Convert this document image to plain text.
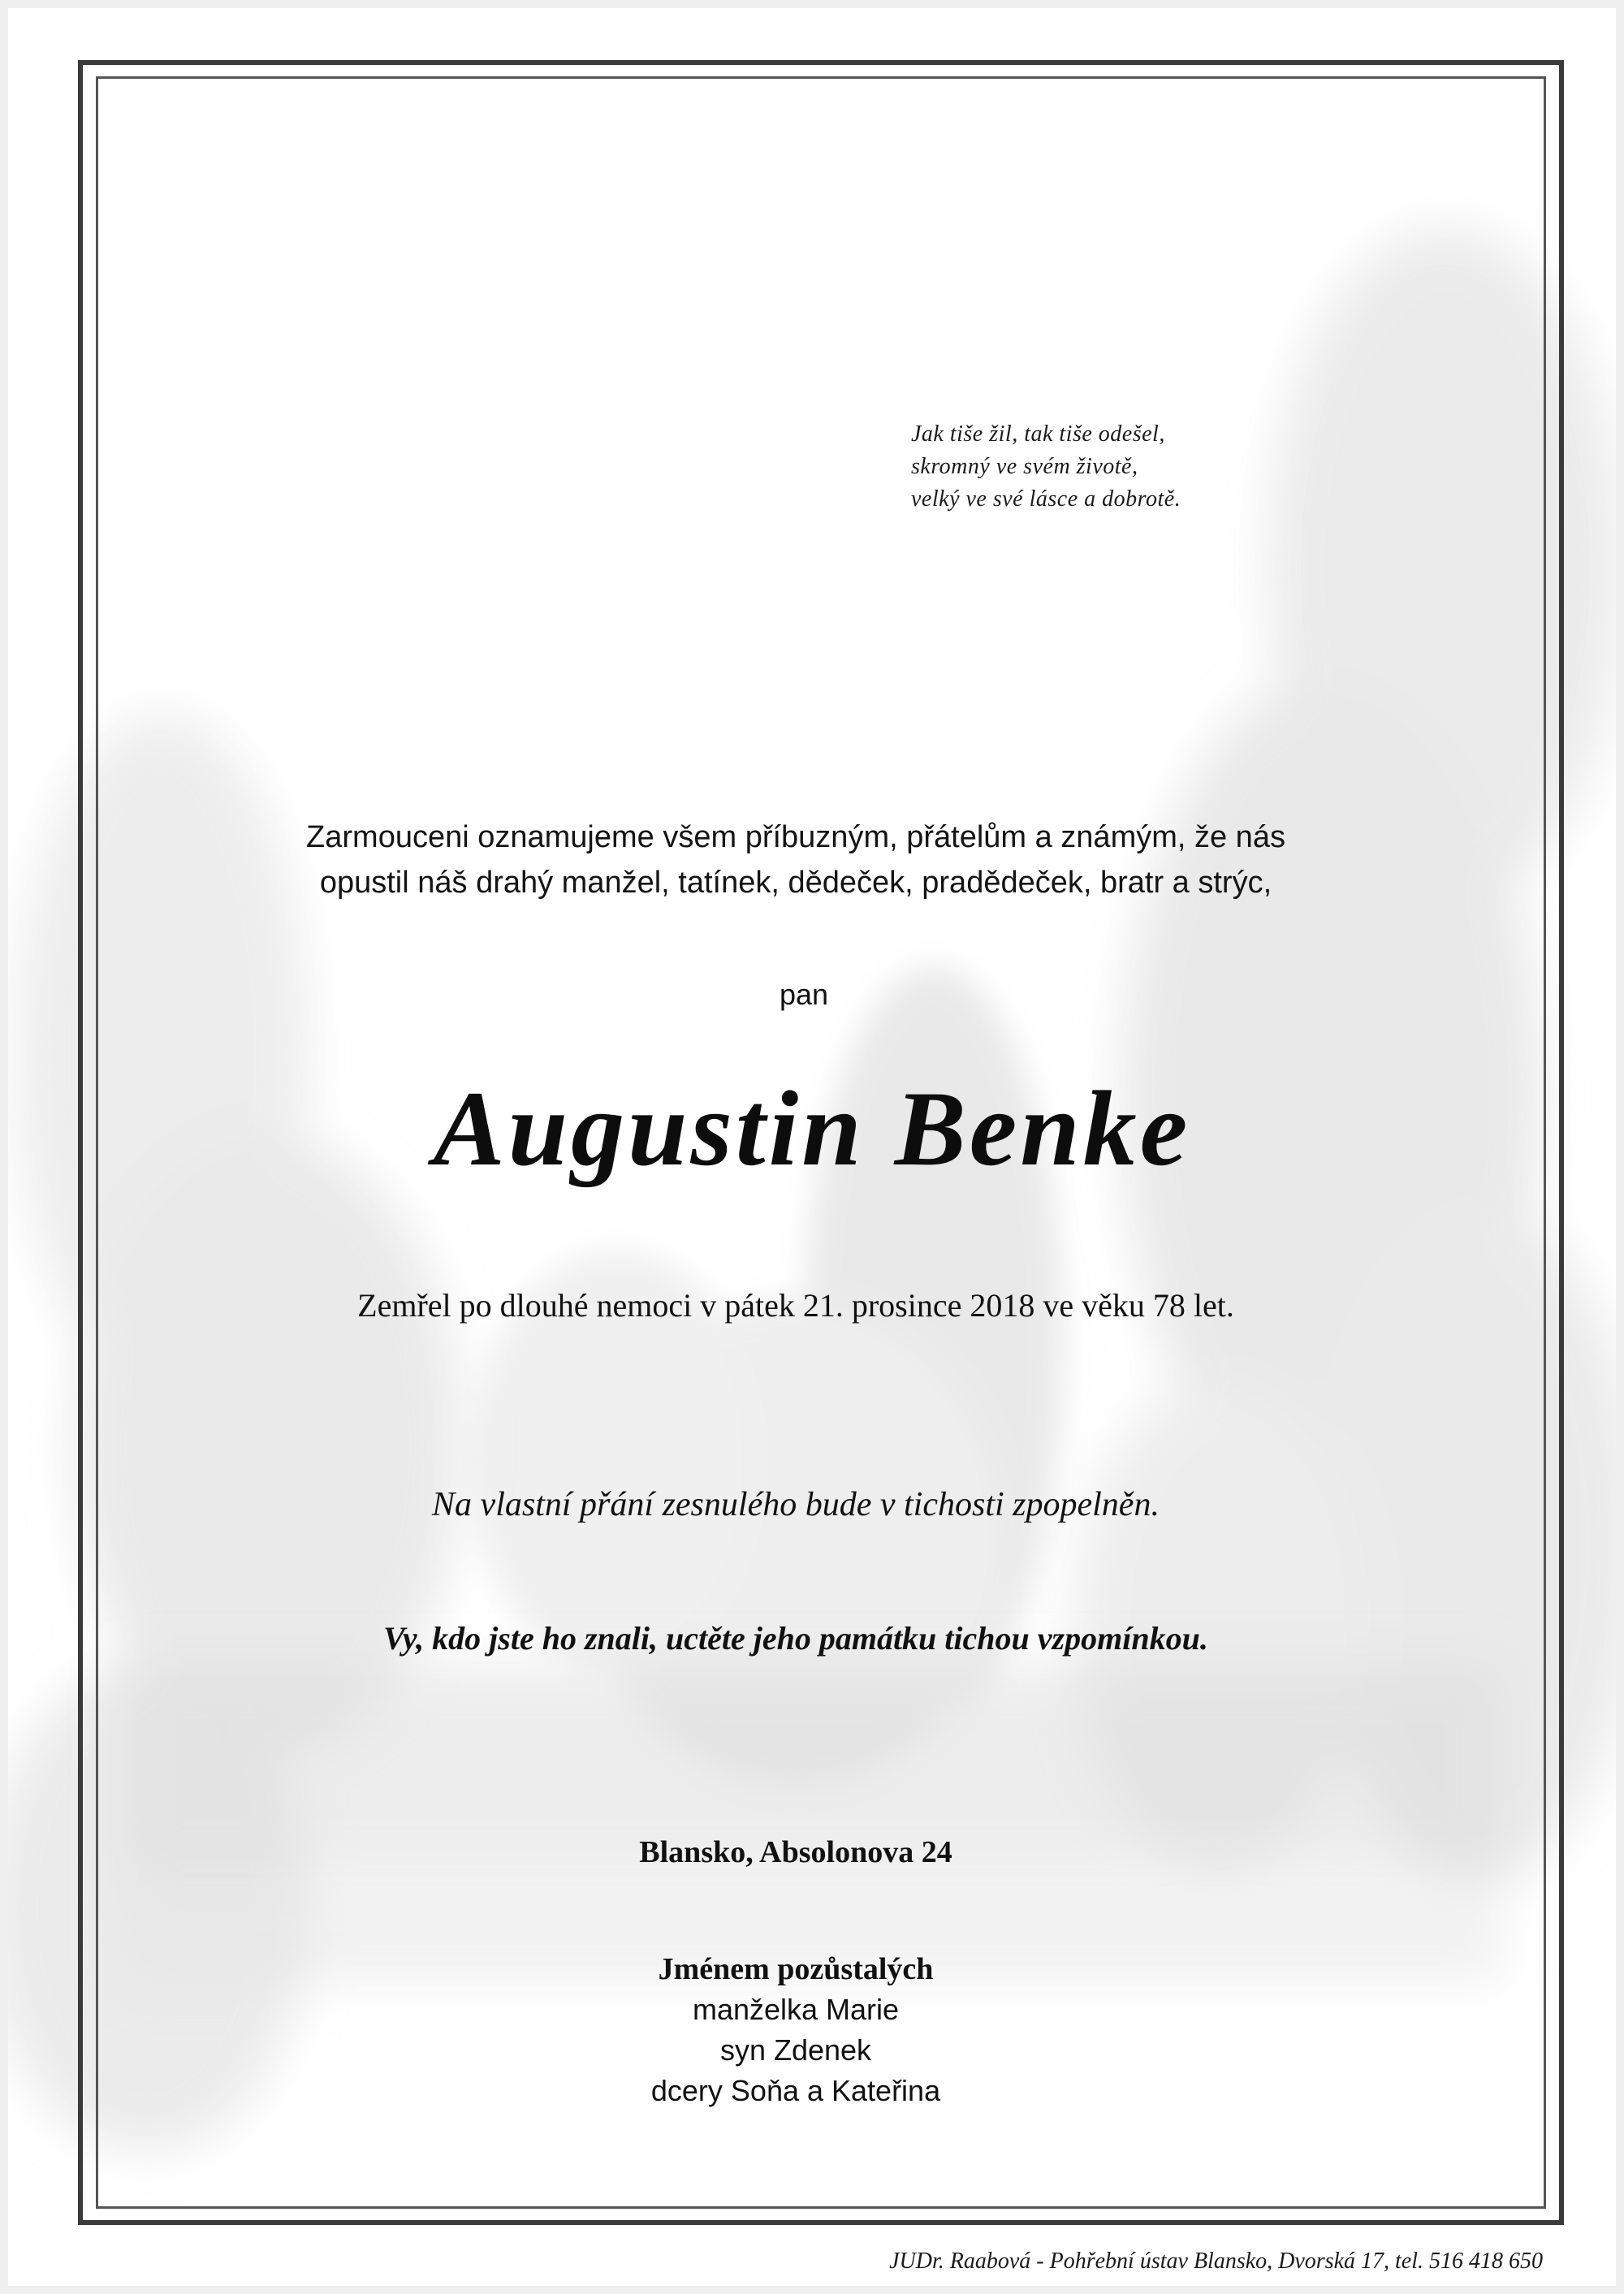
Jak tiše žil, tak tiše odešel,
skromný ve svém životě,
velký ve své lásce a dobrotě.
Zarmouceni oznamujeme všem příbuzným, přátelům a známým, že nás
opustil náš drahý manžel, tatínek, dědeček, pradědeček, bratr a strýc,
pan
Augustin Benke
Zemřel po dlouhé nemoci v pátek 21. prosince 2018 ve věku 78 let.
Na vlastní přání zesnulého bude v tichosti zpopelněn.
Vy, kdo jste ho znali, uctěte jeho památku tichou vzpomínkou.
Blansko, Absolonova 24
Jménem pozůstalých
manželka Marie
syn Zdenek
dcery Soňa a Kateřina
JUDr. Raabová - Pohřební ústav Blansko, Dvorská 17, tel. 516 418 650
